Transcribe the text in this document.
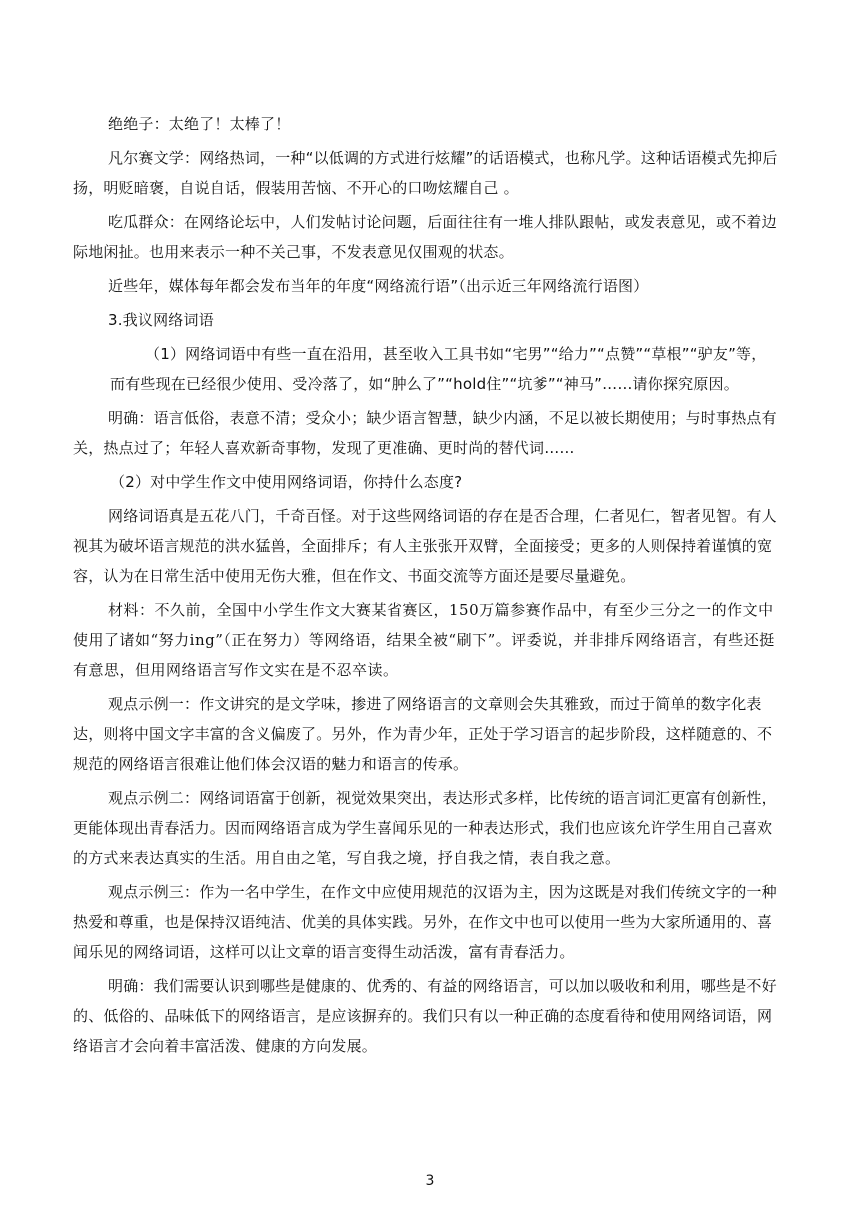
绝绝子：太绝了！太棒了！

凡尔赛文学：网络热词，一种“以低调的方式进行炫耀”的话语模式，也称凡学。这种话语模式先抑后扬，明贬暗褒，自说自话，假装用苦恼、不开心的口吻炫耀自己 。

吃瓜群众：在网络论坛中，人们发帖讨论问题，后面往往有一堆人排队跟帖，或发表意见，或不着边际地闲扯。也用来表示一种不关己事，不发表意见仅围观的状态。

近些年，媒体每年都会发布当年的年度“网络流行语”（出示近三年网络流行语图）

3.我议网络词语

（1）网络词语中有些一直在沿用，甚至收入工具书如“宅男”“给力”“点赞”“草根”“驴友”等，而有些现在已经很少使用、受冷落了，如“肿么了”“hold住”“坑爹”“神马”……请你探究原因。

明确：语言低俗，表意不清；受众小；缺少语言智慧，缺少内涵，不足以被长期使用；与时事热点有关，热点过了；年轻人喜欢新奇事物，发现了更准确、更时尚的替代词……

（2）对中学生作文中使用网络词语，你持什么态度?

网络词语真是五花八门，千奇百怪。对于这些网络词语的存在是否合理，仁者见仁，智者见智。有人视其为破坏语言规范的洪水猛兽，全面排斥；有人主张张开双臂，全面接受；更多的人则保持着谨慎的宽容，认为在日常生活中使用无伤大雅，但在作文、书面交流等方面还是要尽量避免。

材料：不久前，全国中小学生作文大赛某省赛区，150万篇参赛作品中，有至少三分之一的作文中使用了诸如“努力ing”（正在努力）等网络语，结果全被“刷下”。评委说，并非排斥网络语言，有些还挺有意思，但用网络语言写作文实在是不忍卒读。

观点示例一：作文讲究的是文学味，掺进了网络语言的文章则会失其雅致，而过于简单的数字化表达，则将中国文字丰富的含义偏废了。另外，作为青少年，正处于学习语言的起步阶段，这样随意的、不规范的网络语言很难让他们体会汉语的魅力和语言的传承。

观点示例二：网络词语富于创新，视觉效果突出，表达形式多样，比传统的语言词汇更富有创新性，更能体现出青春活力。因而网络语言成为学生喜闻乐见的一种表达形式，我们也应该允许学生用自己喜欢的方式来表达真实的生活。用自由之笔，写自我之境，抒自我之情，表自我之意。

观点示例三：作为一名中学生，在作文中应使用规范的汉语为主，因为这既是对我们传统文字的一种热爱和尊重，也是保持汉语纯洁、优美的具体实践。另外，在作文中也可以使用一些为大家所通用的、喜闻乐见的网络词语，这样可以让文章的语言变得生动活泼，富有青春活力。

明确：我们需要认识到哪些是健康的、优秀的、有益的网络语言，可以加以吸收和利用，哪些是不好的、低俗的、品味低下的网络语言，是应该摒弃的。我们只有以一种正确的态度看待和使用网络词语，网络语言才会向着丰富活泼、健康的方向发展。

3
